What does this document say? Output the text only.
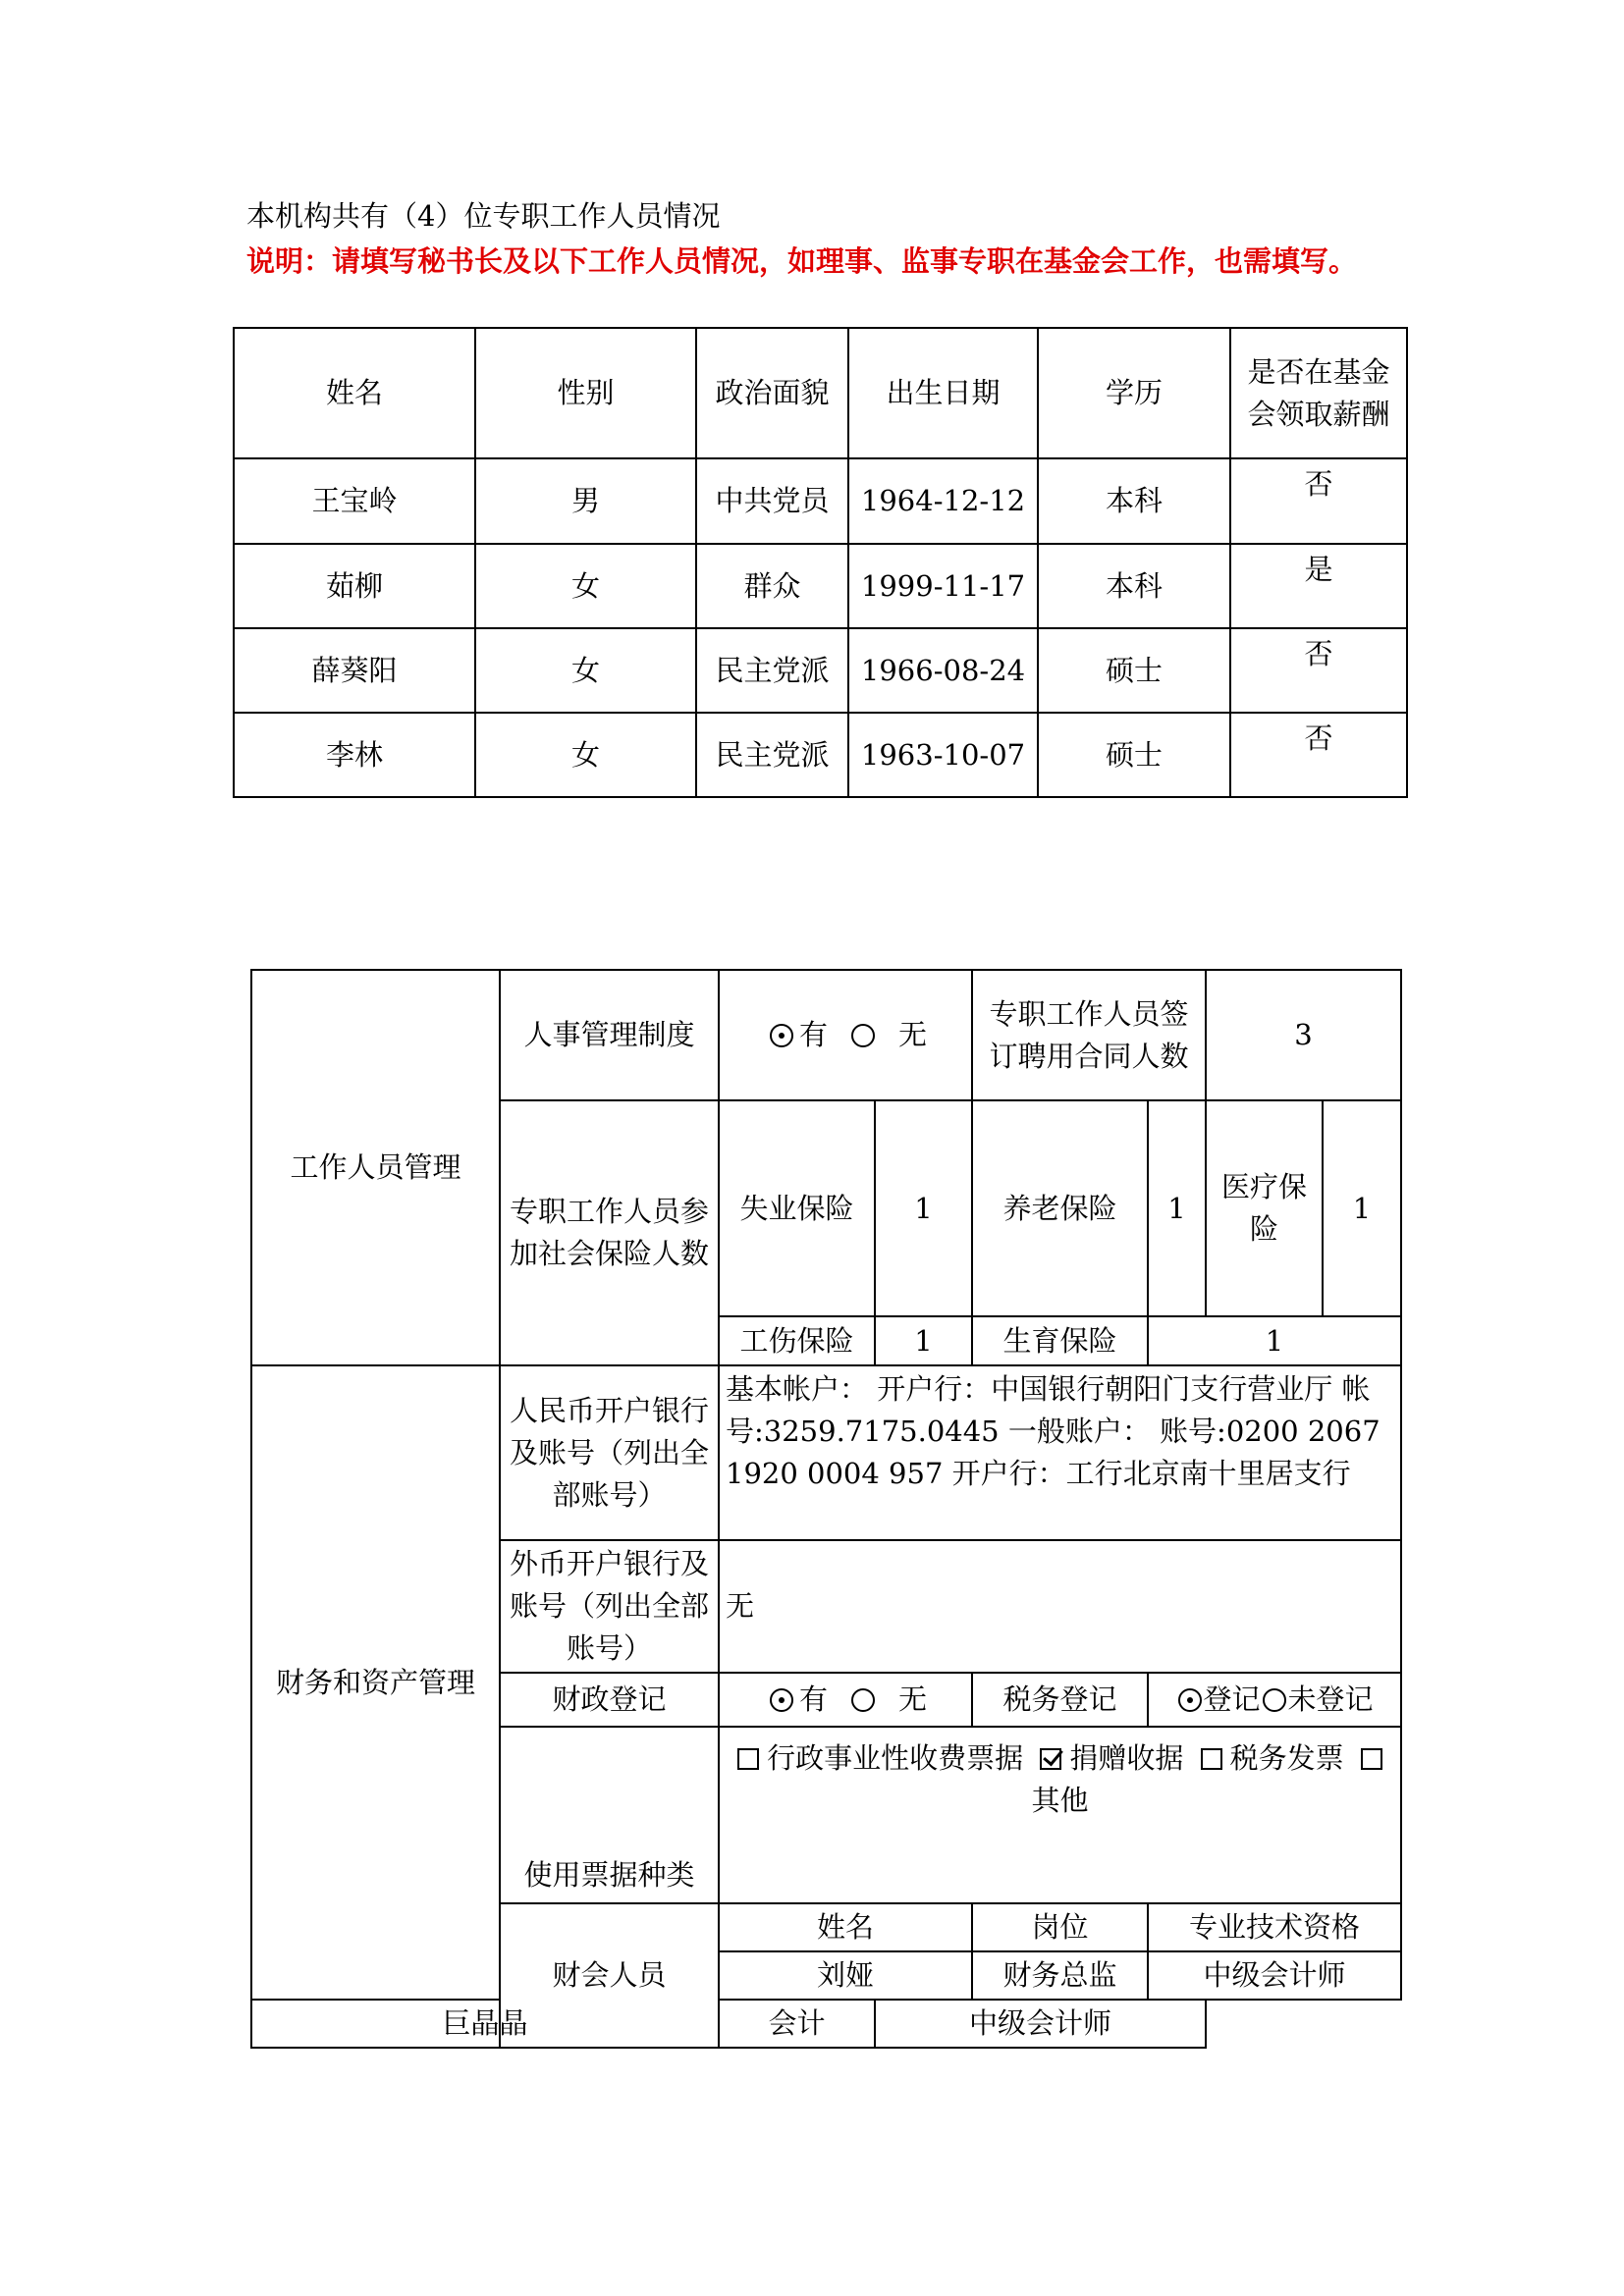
本机构共有（4）位专职工作人员情况
说明：请填写秘书长及以下工作人员情况，如理事、监事专职在基金会工作，也需填写。
姓名	性别	政治面貌	出生日期	学历	是否在基金会领取薪酬
王宝岭	男	中共党员	1964-12-12	本科	否
茹柳	女	群众	1999-11-17	本科	是
薛葵阳	女	民主党派	1966-08-24	硕士	否
李林	女	民主党派	1963-10-07	硕士	否
工作人员管理	人事管理制度	有 无		专职工作人员签订聘用合同人数		3	
	专职工作人员参加社会保险人数	失业保险	1	养老保险	1	医疗保险	1
		工伤保险	1	生育保险	1		
财务和资产管理	人民币开户银行及账号（列出全部账号）	基本帐户： 开户行：中国银行朝阳门支行营业厅 帐号:3259.7175.0445 一般账户： 账号:0200 2067 1920 0004 957 开户行：工行北京南十里居支行					
	外币开户银行及账号（列出全部账号）	无					
	财政登记	有 无		税务登记	登记 未登记		
	使用票据种类	行政事业性收费票据 捐赠收据 税务发票 其他					
	财会人员	姓名		岗位	专业技术资格		
		刘娅		财务总监	中级会计师		
巨晶晶		会计	中级会计师				
